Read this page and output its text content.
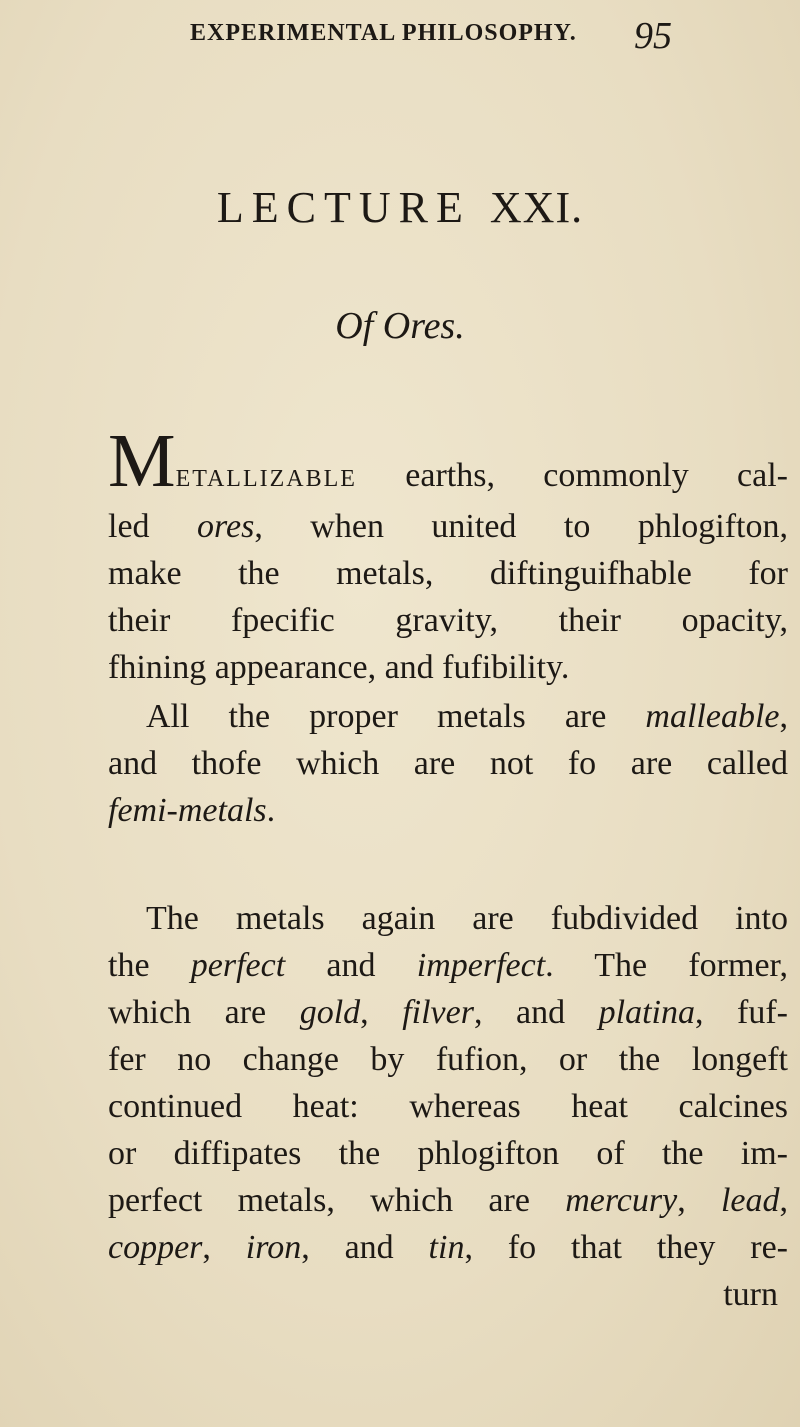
EXPERIMENTAL PHILOSOPHY.	95
LECTURE XXI.
Of Ores.
METALLIZABLE earths, commonly cal-
led ores, when united to phlogifton,
make the metals, diftinguifhable for
their fpecific gravity, their opacity,
fhining appearance, and fufibility.
All the proper metals are malleable,
and thofe which are not fo are called
femi-metals.
The metals again are fubdivided into
the perfect and imperfect. The former,
which are gold, filver, and platina, fuf-
fer no change by fufion, or the longeft
continued heat: whereas heat calcines
or diffipates the phlogifton of the im-
perfect metals, which are mercury, lead,
copper, iron, and tin, fo that they re-
turn
